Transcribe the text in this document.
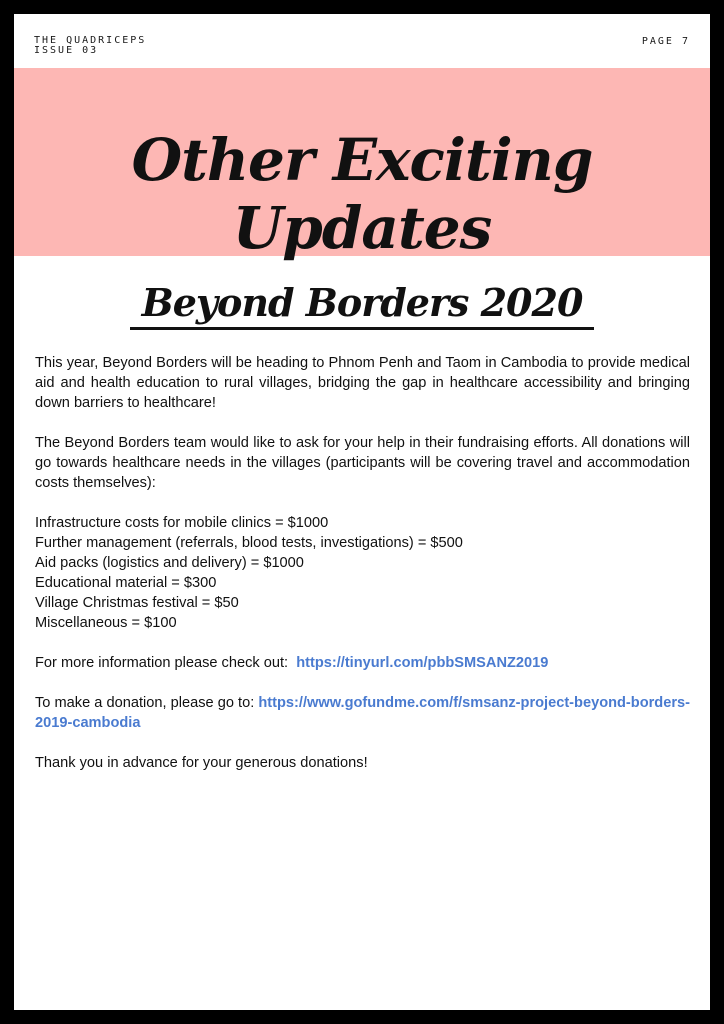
THE QUADRICEPS
ISSUE 03
PAGE 7
Other Exciting Updates
Beyond Borders 2020

This year, Beyond Borders will be heading to Phnom Penh and Taom in Cambodia to provide medical aid and health education to rural villages, bridging the gap in healthcare accessibility and bringing down barriers to healthcare!

The Beyond Borders team would like to ask for your help in their fundraising efforts. All donations will go towards healthcare needs in the villages (participants will be covering travel and accommodation costs themselves):

Infrastructure costs for mobile clinics = $1000

Further management (referrals, blood tests, investigations) = $500

Aid packs (logistics and delivery) = $1000

Educational material = $300

Village Christmas festival = $50

Miscellaneous = $100

For more information please check out: https://tinyurl.com/pbbSMSANZ2019

To make a donation, please go to: https://www.gofundme.com/f/smsanz-project-beyond-borders-2019-cambodia

Thank you in advance for your generous donations!
